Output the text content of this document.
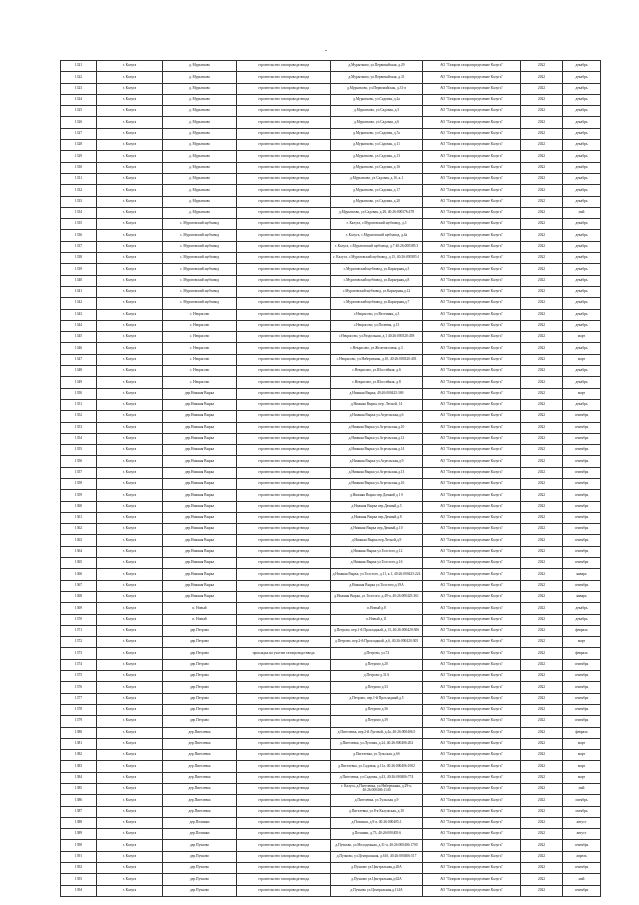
1321	г. Калуга	д. Мурытково	строительство газопровода-ввода	д.Мурытково, ул.Первомайская, д.29	АО "Газпром газораспределение Калуга"	2022	декабрь
1322	г. Калуга	д. Мурытково	строительство газопровода-ввода	д.Мурытково, ул.Первомайская, д.31	АО "Газпром газораспределение Калуга"	2022	декабрь
1323	г. Калуга	д. Мурытково	строительство газопровода-ввода	д.Мурытково, ул.Первомайская, д.31-а	АО "Газпром газораспределение Калуга"	2022	декабрь
1324	г. Калуга	д. Мурытково	строительство газопровода-ввода	д.Мурытково, ул.Садовая, д.2а	АО "Газпром газораспределение Калуга"	2022	декабрь
1325	г. Калуга	д. Мурытково	строительство газопровода-ввода	д.Мурытково, ул.Садовая, д.3	АО "Газпром газораспределение Калуга"	2022	декабрь
1326	г. Калуга	д. Мурытково	строительство газопровода-ввода	д.Мурытково, ул.Садовая, д.6	АО "Газпром газораспределение Калуга"	2022	декабрь
1327	г. Калуга	д. Мурытково	строительство газопровода-ввода	д.Мурытково, ул.Садовая, д.7а	АО "Газпром газораспределение Калуга"	2022	декабрь
1328	г. Калуга	д. Мурытково	строительство газопровода-ввода	д.Мурытково, ул.Садовая, д.11	АО "Газпром газораспределение Калуга"	2022	декабрь
1329	г. Калуга	д. Мурытково	строительство газопровода-ввода	д.Мурытково, ул.Садовая, д.13	АО "Газпром газораспределение Калуга"	2022	декабрь
1330	г. Калуга	д. Мурытково	строительство газопровода-ввода	д.Мурытково, ул.Садовая, д.16	АО "Газпром газораспределение Калуга"	2022	декабрь
1331	г. Калуга	д. Мурытково	строительство газопровода-ввода	д.Мурытково, ул.Садовая, д.16, к.1	АО "Газпром газораспределение Калуга"	2022	декабрь
1332	г. Калуга	д. Мурытково	строительство газопровода-ввода	д.Мурытково, ул.Садовая, д.17	АО "Газпром газораспределение Калуга"	2022	декабрь
1333	г. Калуга	д. Мурытково	строительство газопровода-ввода	д.Мурытково, ул.Садовая, д.20	АО "Газпром газораспределение Калуга"	2022	декабрь
1334	г. Калуга	д. Мурытково	строительство газопровода-ввода	д.Мурытково, ул.Садовая, д.28, 40:26:000376:478	АО "Газпром газораспределение Калуга"	2022	май
1335	г. Калуга	с. Муратовский щебзавод	строительство газопровода-ввода	г. Калуга, с.Муратовский щебзавод, д.3	АО "Газпром газораспределение Калуга"	2022	декабрь
1336	г. Калуга	с. Муратовский щебзавод	строительство газопровода-ввода	г. Калуга, с.Муратовский щебзавод, д.4а	АО "Газпром газораспределение Калуга"	2022	декабрь
1337	г. Калуга	с. Муратовский щебзавод	строительство газопровода-ввода	г. Калуга, с.Муратовский щебзавод, д.7 40:26:000385:3	АО "Газпром газораспределение Калуга"	2022	декабрь
1338	г. Калуга	с. Муратовский щебзавод	строительство газопровода-ввода	г. Калуга, с.Муратовский щебзавод, д.15, 40:26:000385:1	АО "Газпром газораспределение Калуга"	2022	декабрь
1339	г. Калуга	с. Муратовский щебзавод	строительство газопровода-ввода	с.Муратовский щебзавод, ул.Карьерная,д.3	АО "Газпром газораспределение Калуга"	2022	декабрь
1340	г. Калуга	с. Муратовский щебзавод	строительство газопровода-ввода	с.Муратовский щебзавод, ул.Карьерная,д.8	АО "Газпром газораспределение Калуга"	2022	декабрь
1341	г. Калуга	с. Муратовский щебзавод	строительство газопровода-ввода	с.Муратовский щебзавод, ул.Карьерная,д.12	АО "Газпром газораспределение Калуга"	2022	декабрь
1342	г. Калуга	с. Муратовский щебзавод	строительство газопровода-ввода	с.Муратовский щебзавод, ул.Карьерная,д.7	АО "Газпром газораспределение Калуга"	2022	декабрь
1343	г. Калуга	с. Некрасово	строительство газопровода-ввода	с.Некрасово, ул.Весенняя, д.3	АО "Газпром газораспределение Калуга"	2022	декабрь
1344	г. Калуга	с. Некрасово	строительство газопровода-ввода	с.Некрасово, ул.Полевая, д.13	АО "Газпром газораспределение Калуга"	2022	декабрь
1345	г. Калуга	с. Некрасово	строительство газопровода-ввода	с.Некрасово, ул.Раздольная, д.1 40:26:000320:458	АО "Газпром газораспределение Калуга"	2022	март
1346	г. Калуга	с. Некрасово	строительство газопровода-ввода	с.Некрасово, ул.Железистовая, д.3	АО "Газпром газораспределение Калуга"	2022	декабрь
1347	г. Калуга	с. Некрасово	строительство газопровода-ввода	с.Некрасово, ул.Набережная, д.10, 40:26:000320:403	АО "Газпром газораспределение Калуга"	2022	март
1348	г. Калуга	с. Некрасово	строительство газопровода-ввода	с.Некрасово, ул.Шоссейная, д.6	АО "Газпром газораспределение Калуга"	2022	декабрь
1349	г. Калуга	с. Некрасово	строительство газопровода-ввода	с.Некрасово, ул.Шоссейная, д.8	АО "Газпром газораспределение Калуга"	2022	декабрь
1350	г. Калуга	дер.Нижняя Вырка	строительство газопровода-ввода	д.Нижняя Вырка, 40:26:000425:369	АО "Газпром газораспределение Калуга"	2022	март
1351	г. Калуга	дер.Нижняя Вырка	строительство газопровода-ввода	д.Нижняя Вырка, пер. Лесной, 14	АО "Газпром газораспределение Калуга"	2022	декабрь
1352	г. Калуга	дер.Нижняя Вырка	строительство газопровода-ввода	д.Нижняя Вырка ул.Агрельская,д.6	АО "Газпром газораспределение Калуга"	2022	сентябрь
1353	г. Калуга	дер.Нижняя Вырка	строительство газопровода-ввода	д.Нижняя Вырка ул.Агрельская,д.10	АО "Газпром газораспределение Калуга"	2022	сентябрь
1354	г. Калуга	дер.Нижняя Вырка	строительство газопровода-ввода	д.Нижняя Вырка ул.Агрельская,д.12	АО "Газпром газораспределение Калуга"	2022	сентябрь
1355	г. Калуга	дер.Нижняя Вырка	строительство газопровода-ввода	д.Нижняя Вырка ул.Агрельская,д.14	АО "Газпром газораспределение Калуга"	2022	сентябрь
1356	г. Калуга	дер.Нижняя Вырка	строительство газопровода-ввода	д.Нижняя Вырка ул.Агрельская,д.9	АО "Газпром газораспределение Калуга"	2022	сентябрь
1357	г. Калуга	дер.Нижняя Вырка	строительство газопровода-ввода	д.Нижняя Вырка ул.Агрельская,д.13	АО "Газпром газораспределение Калуга"	2022	сентябрь
1358	г. Калуга	дер.Нижняя Вырка	строительство газопровода-ввода	д.Нижняя Вырка ул.Агрельская,д.16	АО "Газпром газораспределение Калуга"	2022	сентябрь
1359	г. Калуга	дер.Нижняя Вырка	строительство газопровода-ввода	д.Нижняя Вырка пер.Дачный д.1 б	АО "Газпром газораспределение Калуга"	2022	сентябрь
1360	г. Калуга	дер.Нижняя Вырка	строительство газопровода-ввода	д.Нижняя Вырка пер.Дачный,д.5	АО "Газпром газораспределение Калуга"	2022	сентябрь
1361	г. Калуга	дер.Нижняя Вырка	строительство газопровода-ввода	д.Нижняя Вырка пер.Дачный,д.8	АО "Газпром газораспределение Калуга"	2022	сентябрь
1362	г. Калуга	дер.Нижняя Вырка	строительство газопровода-ввода	д.Нижняя Вырка пер.Дачный,д.10	АО "Газпром газораспределение Калуга"	2022	сентябрь
1363	г. Калуга	дер.Нижняя Вырка	строительство газопровода-ввода	д.Нижняя Вырка пер.Лесной,д.9	АО "Газпром газораспределение Калуга"	2022	сентябрь
1364	г. Калуга	дер.Нижняя Вырка	строительство газопровода-ввода	д.Нижняя Вырка ул.Толстого,д.12	АО "Газпром газораспределение Калуга"	2022	сентябрь
1365	г. Калуга	дер.Нижняя Вырка	строительство газопровода-ввода	д.Нижняя Вырка ул.Толстого,д.16	АО "Газпром газораспределение Калуга"	2022	сентябрь
1366	г. Калуга	дер.Нижняя Вырка	строительство газопровода-ввода	д.Нижняя Вырка, ул.Толстого, д.11, к.1, 40:26:000425:224	АО "Газпром газораспределение Калуга"	2022	январь
1367	г. Калуга	дер.Нижняя Вырка	строительство газопровода-ввода	д.Нижняя Вырка ул.Толстого,д.19А	АО "Газпром газораспределение Калуга"	2022	сентябрь
1368	г. Калуга	дер.Нижняя Вырка	строительство газопровода-ввода	д.Нижняя Вырка, ул.Толстого, д.49-а, 40:26:000425:361	АО "Газпром газораспределение Калуга"	2022	январь
1369	г. Калуга	п. Новый	строительство газопровода-ввода	п.Новый д.8	АО "Газпром газораспределение Калуга"	2022	декабрь
1370	г. Калуга	п. Новый	строительство газопровода-ввода	п.Новый д.11	АО "Газпром газораспределение Калуга"	2022	декабрь
1371	г. Калуга	дер.Петрово	строительство газопровода-ввода	д.Петрово, пер.1-й Прохладный, д.13, 40:26:000420:306	АО "Газпром газораспределение Калуга"	2022	февраль
1372	г. Калуга	дер.Петрово	строительство газопровода-ввода	д.Петрово, пер.2-й Прохладный, д.6, 40:26:000420:305	АО "Газпром газораспределение Калуга"	2022	март
1373	г. Калуга	дер.Петрово	прокладка на участке газопровода-ввода	д.Петрово, ул.72	АО "Газпром газораспределение Калуга"	2022	февраль
1374	г. Калуга	дер.Петрово	строительство газопровода-ввода	д.Петрово д.20	АО "Газпром газораспределение Калуга"	2022	сентябрь
1375	г. Калуга	дер.Петрово	строительство газопровода-ввода	д.Петрово д.31А	АО "Газпром газораспределение Калуга"	2022	сентябрь
1376	г. Калуга	дер.Петрово	строительство газопровода-ввода	д.Петрово д.33	АО "Газпром газораспределение Калуга"	2022	сентябрь
1377	г. Калуга	дер.Петрово	строительство газопровода-ввода	д.Петрово, пер.1-й Прохладный,д.5	АО "Газпром газораспределение Калуга"	2022	сентябрь
1378	г. Калуга	дер.Петрово	строительство газопровода-ввода	д.Петрово д.36	АО "Газпром газораспределение Калуга"	2022	сентябрь
1379	г. Калуга	дер.Петрово	строительство газопровода-ввода	д.Петрово д.39	АО "Газпром газораспределение Калуга"	2022	сентябрь
1380	г. Калуга	дер.Пигелевка	строительство газопровода-ввода	д.Пигелевка, пер.2-й Луговой, д.4а, 40:26:000406:5	АО "Газпром газораспределение Калуга"	2022	февраль
1381	г. Калуга	дер.Пигелевка	строительство газопровода-ввода	д.Пигелевка, ул.Луговая, д.24, 40:26:000406:202	АО "Газпром газораспределение Калуга"	2022	март
1382	г. Калуга	дер.Пигелевка	строительство газопровода-ввода	д.Пигелевка, ул.Тульская, д.6б	АО "Газпром газораспределение Калуга"	2022	март
1383	г. Калуга	дер.Пигелевка	строительство газопровода-ввода	д.Пигелевка, ул.Садовая, д.11а, 40:26:000406:1002	АО "Газпром газораспределение Калуга"	2022	март
1384	г. Калуга	дер.Пигелевка	строительство газопровода-ввода	д.Пигелевка, ул.Садовая, д.43, 40:26:000406:774	АО "Газпром газораспределение Калуга"	2022	март
1385	г. Калуга	дер.Пигелевка	строительство газопровода-ввода	г. Калуга, д.Пигелевка, ул.Набережная, д.29-а, 40:26:000406:1140	АО "Газпром газораспределение Калуга"	2022	май
1386	г. Калуга	дер.Пигелевка	строительство газопровода-ввода	д.Пигелевка, ул.Тульская д.9	АО "Газпром газораспределение Калуга"	2022	октябрь
1387	г. Калуга	дер.Пигелевка	строительство газопровода-ввода	д.Пигелевка, ул.8-я Калужская, д.10	АО "Газпром газораспределение Калуга"	2022	октябрь
1388	г. Калуга	дер.Починки	строительство газопровода-ввода	д.Починки, д.9-а, 40:26:000405:1	АО "Газпром газораспределение Калуга"	2022	август
1389	г. Калуга	дер.Починки	строительство газопровода-ввода	д.Починки, д.73, 40:26:000405:6	АО "Газпром газораспределение Калуга"	2022	август
1390	г. Калуга	дер.Пучково	строительство газопровода-ввода	д.Пучково, ул.Молодежная, д.31-а, 40:26:000406:1700	АО "Газпром газораспределение Калуга"	2022	сентябрь
1391	г. Калуга	дер.Пучково	строительство газопровода-ввода	д.Пучково, ул.Центральная, д.61б, 40:26:000406:517	АО "Газпром газораспределение Калуга"	2022	апрель
1392	г. Калуга	дер.Пучково	строительство газопровода-ввода	д.Пучково ул.Центральная,д.20А	АО "Газпром газораспределение Калуга"	2022	сентябрь
1393	г. Калуга	дер.Пучково	строительство газопровода-ввода	д.Пучково ул.Центральная,д.62А	АО "Газпром газораспределение Калуга"	2022	май
1394	г. Калуга	дер.Пучково	строительство газопровода-ввода	д.Пучково ул.Центральная,д.114А	АО "Газпром газораспределение Калуга"	2022	сентябрь
